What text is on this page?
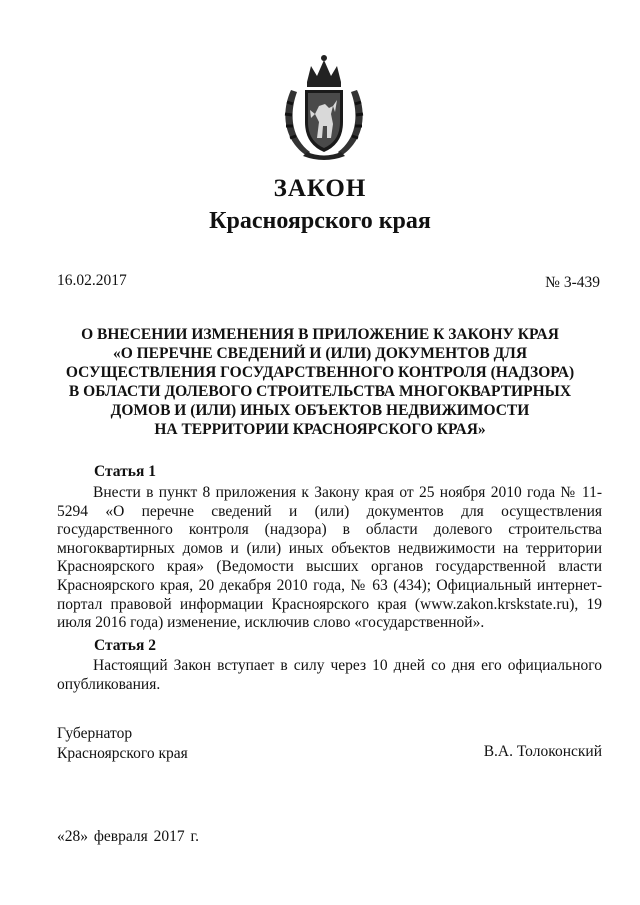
ЗАКОН
Красноярского края
16.02.2017	№ 3-439
О ВНЕСЕНИИ ИЗМЕНЕНИЯ В ПРИЛОЖЕНИЕ К ЗАКОНУ КРАЯ
«О ПЕРЕЧНЕ СВЕДЕНИЙ И (ИЛИ) ДОКУМЕНТОВ ДЛЯ
ОСУЩЕСТВЛЕНИЯ ГОСУДАРСТВЕННОГО КОНТРОЛЯ (НАДЗОРА)
В ОБЛАСТИ ДОЛЕВОГО СТРОИТЕЛЬСТВА МНОГОКВАРТИРНЫХ
ДОМОВ И (ИЛИ) ИНЫХ ОБЪЕКТОВ НЕДВИЖИМОСТИ
НА ТЕРРИТОРИИ КРАСНОЯРСКОГО КРАЯ»
Статья 1

Внести в пункт 8 приложения к Закону края от 25 ноября 2010 года № 11-5294 «О перечне сведений и (или) документов для осуществления государственного контроля (надзора) в области долевого строительства многоквартирных домов и (или) иных объектов недвижимости на территории Красноярского края» (Ведомости высших органов государственной власти Красноярского края, 20 декабря 2010 года, № 63 (434); Официальный интернет-портал правовой информации Красноярского края (www.zakon.krskstate.ru), 19 июля 2016 года) изменение, исключив слово «государственной».

Статья 2

Настоящий Закон вступает в силу через 10 дней со дня его официального опубликования.

Губернатор
Красноярского края	В.А. Толоконский
«28» февраля 2017 г.
